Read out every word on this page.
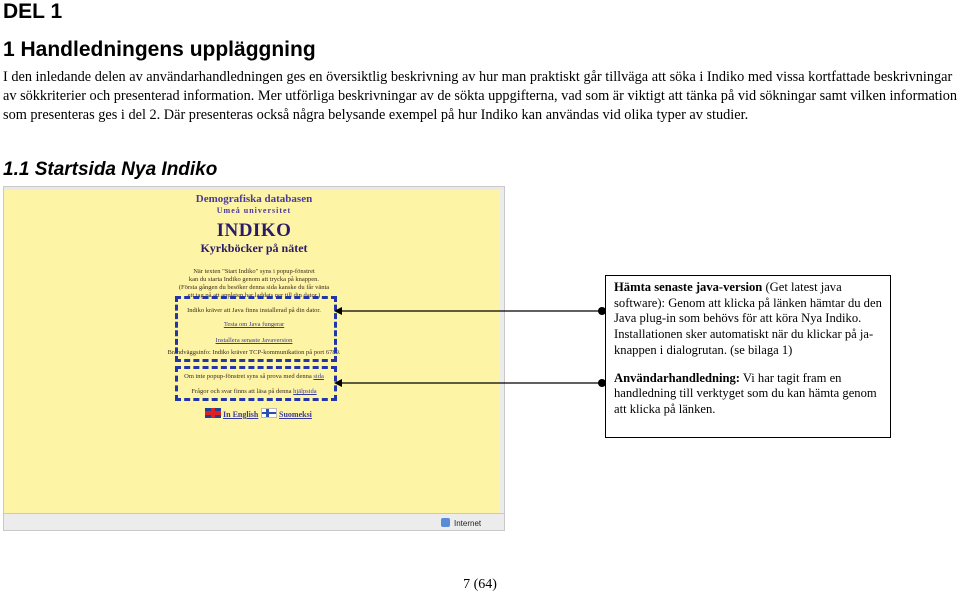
DEL 1
1 Handledningens uppläggning
I den inledande delen av användarhandledningen ges en översiktlig beskrivning av hur man praktiskt går tillväga att söka i Indiko med vissa kortfattade beskrivningar av sökkriterier och presenterad information. Mer utförliga beskrivningar av de sökta uppgifterna, vad som är viktigt att tänka på vid sökningar samt vilken information som presenteras ges i del 2. Där presenteras också några belysande exempel på hur Indiko kan användas vid olika typer av studier.
1.1 Startsida Nya Indiko
Demografiska databasen
Umeå universitet
INDIKO
Kyrkböcker på nätet
När texten "Start Indiko" syns i popup-fönstret
kan du starta Indiko genom att trycka på knappen.
(Första gången du besöker denna sida kanske du får vänta
ett tag på att appleten har laddats ner till din dator.)
Indiko kräver att Java finns installerad på din dator.
Testa om Java fungerar
Installera senaste Javaversion
Brandväggsinfo: Indiko kräver TCP-kommunikation på port 6789.
Om inte popup-fönstret syns så prova med denna sida
Frågor och svar finns att läsa på denna hjälpsida
In English	Suomeksi
Internet

Hämta senaste java-version (Get latest java software): Genom att klicka på länken hämtar du den Java plug-in som behövs för att köra Nya Indiko. Installationen sker automatiskt när du klickar på ja-knappen i dialogrutan. (se bilaga 1)

Användarhandledning: Vi har tagit fram en handledning till verktyget som du kan hämta genom att klicka på länken.

7 (64)
